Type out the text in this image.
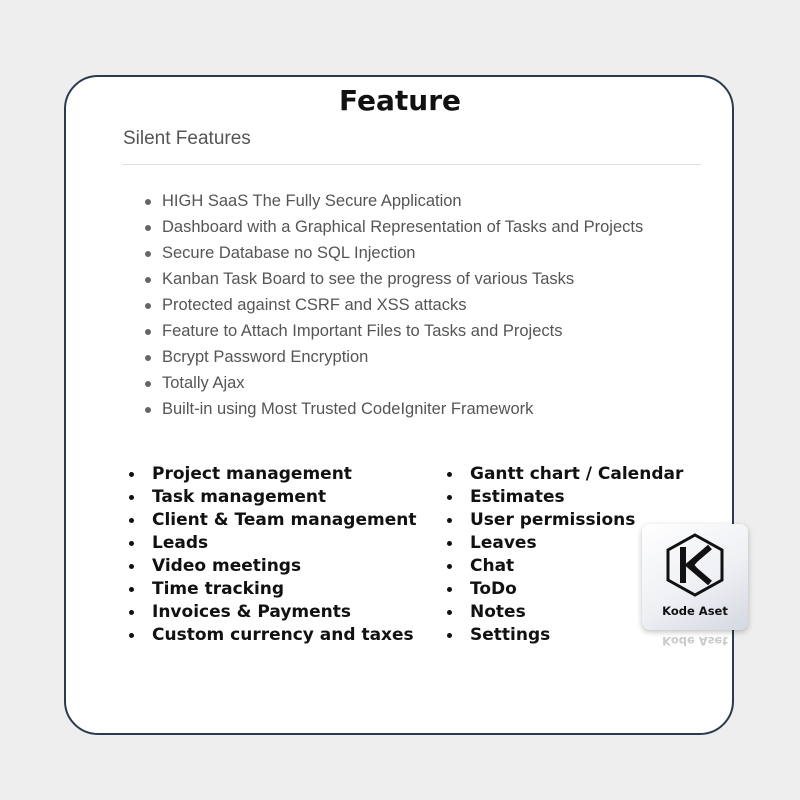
Feature

Silent Features

HIGH SaaS The Fully Secure Application
Dashboard with a Graphical Representation of Tasks and Projects
Secure Database no SQL Injection
Kanban Task Board to see the progress of various Tasks
Protected against CSRF and XSS attacks
Feature to Attach Important Files to Tasks and Projects
Bcrypt Password Encryption
Totally Ajax
Built-in using Most Trusted CodeIgniter Framework
Project management
Task management
Client & Team management
Leads
Video meetings
Time tracking
Invoices & Payments
Custom currency and taxes
Gantt chart / Calendar
Estimates
User permissions
Leaves
Chat
ToDo
Notes
Settings
Kode Aset
Kode Aset
